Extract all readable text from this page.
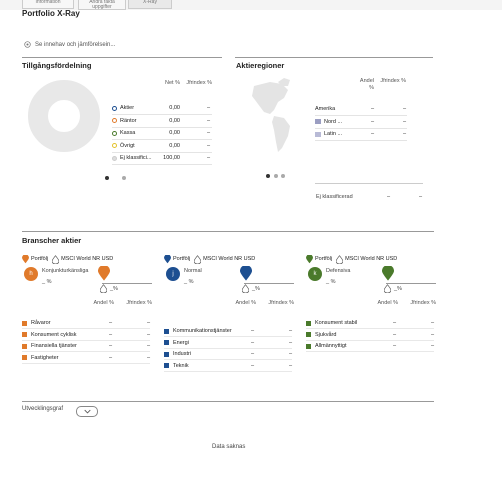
Information	Andra fakta uppgifter
X-Ray
Portfolio X-Ray
Se innehav och jämförelsein...
Tillgångsfördelning
Net % Jfrindex %
Aktier	0,00	–
Räntor	0,00	–
Kassa	0,00	–
Övrigt	0,00	–
Ej klassifici...	100,00	–

Aktieregioner
Andel %
Jfrindex %
Amerika	–	–
Nord ...	–	–
Latin ...	–	–

Ej klassificerad	–	–
Branscher aktier
Portfölj MSCI World NR USD
h	Konjunkturkänsliga
_ %
_%
Andel %	Jfrindex %
Råvaror	–	–
Konsument cyklisk	–	–
Finansiella tjänster	–	–
Fastigheter	–	–
Portfölj MSCI World NR USD
j	Normal
_ %
_%
Andel %	Jfrindex %
Kommunikationstjänster	–	–
Energi	–	–
Industri	–	–
Teknik	–	–
Portfölj MSCI World NR USD
k	Defensiva
_ %
_%
Andel %	Jfrindex %
Konsument stabil	–	–
Sjukvård	–	–
Allmännyttigt	–	–
Utvecklingsgraf
Data saknas
